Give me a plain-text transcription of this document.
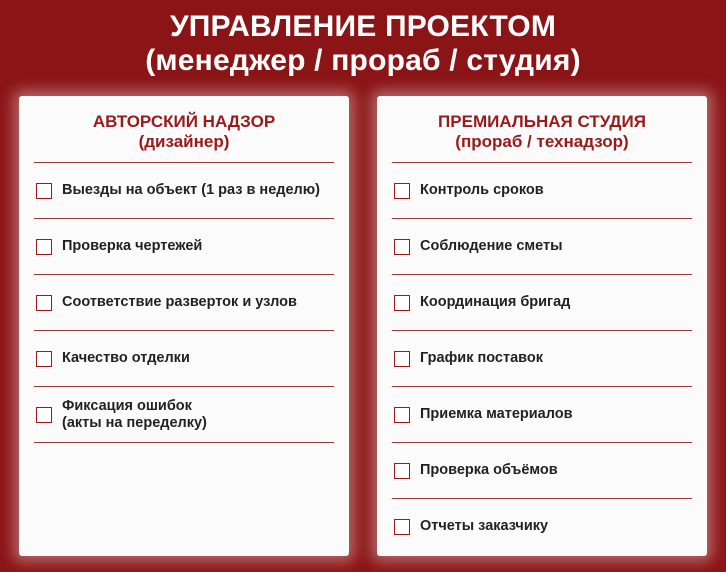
УПРАВЛЕНИЕ ПРОЕКТОМ
(менеджер / прораб / студия)
АВТОРСКИЙ НАДЗОР
(дизайнер)
Выезды на объект (1 раз в неделю)
Проверка чертежей
Соответствие разверток и узлов
Качество отделки
Фиксация ошибок
(акты на переделку)
ПРЕМИАЛЬНАЯ СТУДИЯ
(прораб / технадзор)
Контроль сроков
Соблюдение сметы
Координация бригад
График поставок
Приемка материалов
Проверка объёмов
Отчеты заказчику
